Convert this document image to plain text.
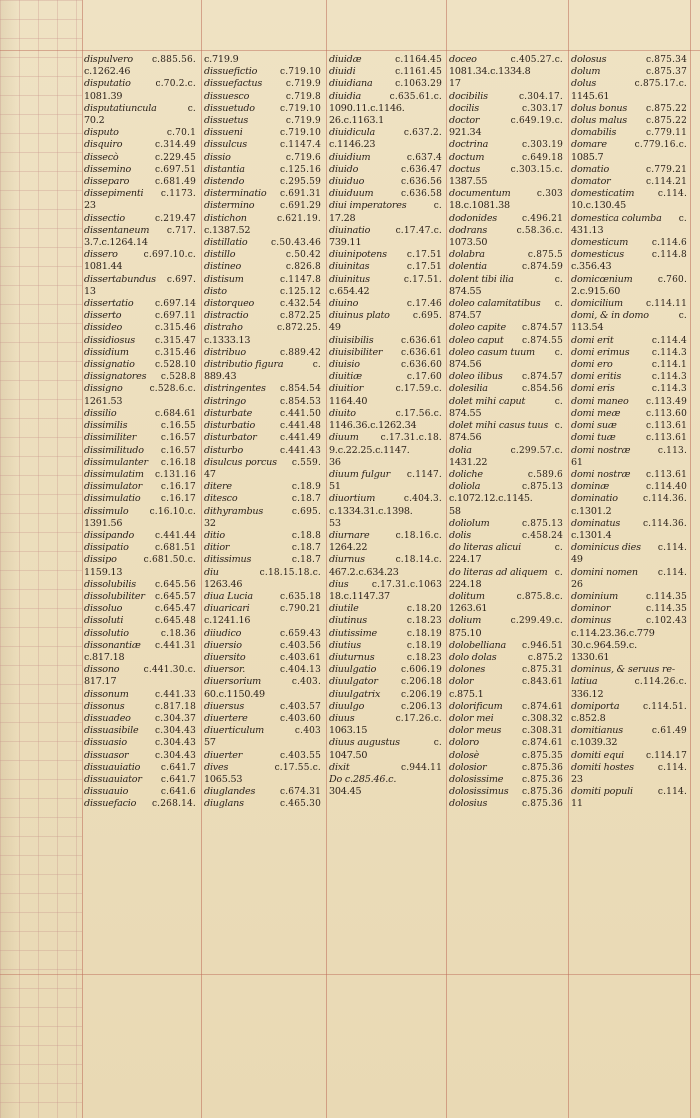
dispulvero c.885.56.
c.1262.46
disputatio	c.70.2.c.
1081.39
disputatiuncula	c.
70.2
disputo	c.70.1
disquiro	c.314.49
dissecò	c.229.45
dissemino	c.697.51
disseparo	c.681.49
dissepimenti c.1173.
23
dissectio	c.219.47
dissentaneum c.717.
3.7.c.1264.14
dissero	c.697.10.c.
1081.44
dissertabundus c.697.
13
dissertatio c.697.14
disserto	c.697.11
dissideo	c.315.46
dissidiosus c.315.47
dissidium	c.315.46
dissignatio c.528.10
dissignatores c.528.8
dissigno	c.528.6.c.
1261.53
dissilio	c.684.61
dissimilis	c.16.55
dissimiliter	c.16.57
dissimilitudo c.16.57
dissimulanter c.16.18
dissimulatim c.131.16
dissimulator c.16.17
dissimulatio c.16.17
dissimulo c.16.10.c.
1391.56
dissipando c.441.44
dissipatio	c.681.51
dissipo	c.681.50.c.
1159.13
dissolubilis c.645.56
dissolubiliter c.645.57
dissoluo	c.645.47
dissoluti	c.645.48
dissolutio	c.18.36
dissonantiæ c.441.31
c.817.18
dissono	c.441.30.c.
817.17
dissonum	c.441.33
dissonus	c.817.18
dissuadeo	c.304.37
dissuasibile c.304.43
dissuasio	c.304.43
dissuasor	c.304.43
dissuauiatio c.641.7
dissuauiator c.641.7
dissuauio	c.641.6
dissuefacio c.268.14.
c.719.9
dissuefictio	c.719.10
dissuefactus	c.719.9
dissuesco	c.719.8
dissuetudo	c.719.10
dissuetus	c.719.9
dissueni	c.719.10
dissulcus	c.1147.4
dissio	c.719.6
distantia	c.125.16
distendo	c.295.59
disterminatio c.691.31
distermino	c.691.29
distichon	c.621.19.
c.1387.52
distillatio	c.50.43.46
distillo	c.50.42
distineo	c.826.8
distisum	c.1147.8
disto	c.125.12
distorqueo	c.432.54
distractio	c.872.25
distraho	c.872.25.
c.1333.13
distribuo	c.889.42
distributio figura	c.
889.43
distringentes c.854.54
distringo	c.854.53
disturbate	c.441.50
disturbatio	c.441.48
disturbator	c.441.49
disturbo	c.441.43
disulcus porcus c.559.
47
ditere	c.18.9
ditesco	c.18.7
dithyrambus	c.695.
32
ditio	c.18.8
ditior	c.18.7
ditissimus	c.18.7
diu	c.18.15.18.c.
1263.46
diua Lucia	c.635.18
diuaricari	c.790.21
c.1241.16
diiudico	c.659.43
diuersio	c.403.56
diuersito	c.403.61
diuersor.	c.404.13
diuersorium	c.403.
60.c.1150.49
diuersus	c.403.57
diuertere	c.403.60
diuerticulum	c.403
57
diuerter	c.403.55
dives	c.17.55.c.
1065.53
diuglandes	c.674.31
diuglans	c.465.30
diuidæ	c.1164.45
diuidi	c.1161.45
diuidiana	c.1063.29
diuidia	c.635.61.c.
1090.11.c.1146.
26.c.1163.1
diuidicula	c.637.2.
c.1146.23
diuidium	c.637.4
diuido	c.636.47
diuiduo	c.636.56
diuiduum	c.636.58
diui imperatores	c.
17.28
diuinatio	c.17.47.c.
739.11
diuinipotens c.17.51
diuinitas	c.17.51
diuinitus	c.17.51.
c.654.42
diuino	c.17.46
diuinus plato	c.695.
49
diuisibilis	c.636.61
diuisibiliter c.636.61
diuisio	c.636.60
diuitiæ	c.17.60
diuitior	c.17.59.c.
1164.40
diuito	c.17.56.c.
1146.36.c.1262.34
diuum c.17.31.c.18.
9.c.22.25.c.1147.
36
diuum fulgur c.1147.
51
diuortium	c.404.3.
c.1334.31.c.1398.
53
diurnare	c.18.16.c.
1264.22
diurnus	c.18.14.c.
467.2.c.634.23
dius	c.17.31.c.1063
18.c.1147.37
diutile	c.18.20
diutinus	c.18.23
diutissime	c.18.19
diutius	c.18.19
diuturnus	c.18.23
diuulgatio	c.606.19
diuulgator	c.206.18
diuulgatrix c.206.19
diuulgo	c.206.13
diuus	c.17.26.c.
1063.15
diuus augustus	c.
1047.50
dixit	c.944.11
Do c.285.46.c.
304.45
doceo	c.405.27.c.
1081.34.c.1334.8
17
docibilis	c.304.17.
docilis	c.303.17
doctor	c.649.19.c.
921.34
doctrina	c.303.19
doctum	c.649.18
doctus	c.303.15.c.
1387.55
documentum	c.303
18.c.1081.38
dodonides	c.496.21
dodrans	c.58.36.c.
1073.50
dolabra	c.875.5
dolentia	c.874.59
dolent tibi ilia	c.
874.55
doleo calamitatibus c.
874.57
doleo capite c.874.57
doleo caput c.874.55
doleo casum tuum c.
874.56
doleo ilibus c.874.57
dolesilia	c.854.56
dolet mihi caput	c.
874.55
dolet mihi casus tuus c.
874.56
dolia	c.299.57.c.
1431.22
doliche	c.589.6
doliola	c.875.13
c.1072.12.c.1145.
58
doliolum	c.875.13
dolis	c.458.24
do literas alicui	c.
224.17
do literas ad aliquem c.
224.18
dolitum	c.875.8.c.
1263.61
dolium	c.299.49.c.
875.10
dolobelliana c.946.51
dolo dolas	c.875.2
dolones	c.875.31
dolor	c.843.61
c.875.1
dolorificum c.874.61
dolor mei	c.308.32
dolor meus c.308.31
doloro	c.874.61
dolosè	c.875.35
dolosior	c.875.36
dolosissime c.875.36
dolosissimus c.875.36
dolosius	c.875.36
dolosus	c.875.34
dolum	c.875.37
dolus	c.875.17.c.
1145.61
dolus bonus c.875.22
dolus malus c.875.22
domabilis	c.779.11
domare	c.779.16.c.
1085.7
domatio	c.779.21
domator	c.114.21
domesticatim	c.114.
10.c.130.45
domestica columba c.
431.13
domesticum	c.114.6
domesticus	c.114.8
c.356.43
domicœnium	c.760.
2.c.915.60
domicilium	c.114.11
domi, & in domo	c.
113.54
domi erit	c.114.4
domi erimus c.114.3
domi ero	c.114.1
domi eritis	c.114.3
domi eris	c.114.3
domi maneo c.113.49
domi meæ	c.113.60
domi suæ	c.113.61
domi tuæ	c.113.61
domi nostræ	c.113.
61
domi nostræ c.113.61
dominæ	c.114.40
dominatio	c.114.36.
c.1301.2
dominatus	c.114.36.
c.1301.4
dominicus dies c.114.
49
domini nomen c.114.
26
dominium	c.114.35
dominor	c.114.35
dominus	c.102.43
c.114.23.36.c.779
30.c.964.59.c.
1330.61
dominus, & seruus re-
latiua	c.114.26.c.
336.12
domiporta	c.114.51.
c.852.8
domitianus	c.61.49
c.1039.32
domiti equi c.114.17
domiti hostes	c.114.
23
domiti populi	c.114.
11
